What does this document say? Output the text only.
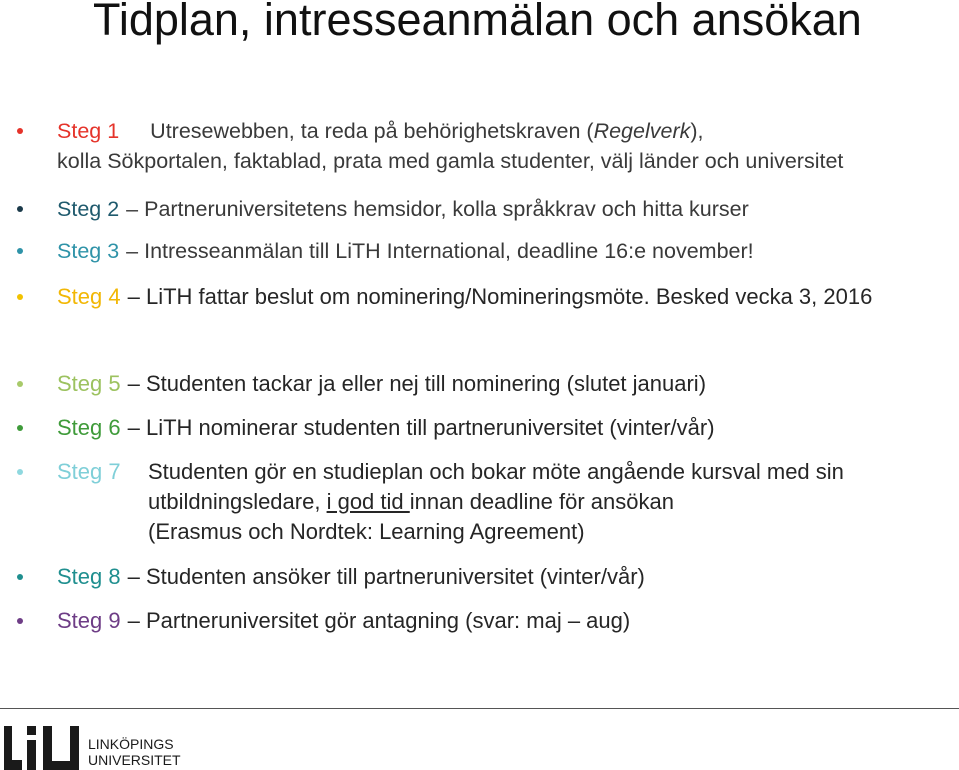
Tidplan, intresseanmälan och ansökan
Steg 1 Utresewebben, ta reda på behörighetskraven (Regelverk),
kolla Sökportalen, faktablad, prata med gamla studenter, välj länder och universitet
Steg 2 – Partneruniversitetens hemsidor, kolla språkkrav och hitta kurser
Steg 3 – Intresseanmälan till LiTH International, deadline 16:e november!
Steg 4 – LiTH fattar beslut om nominering/Nomineringsmöte. Besked vecka 3, 2016
Steg 5 – Studenten tackar ja eller nej till nominering (slutet januari)
Steg 6 – LiTH nominerar studenten till partneruniversitet (vinter/vår)
Steg 7 Studenten gör en studieplan och bokar möte angående kursval med sin
utbildningsledare, i god tid innan deadline för ansökan
(Erasmus och Nordtek: Learning Agreement)
Steg 8 – Studenten ansöker till partneruniversitet (vinter/vår)
Steg 9 – Partneruniversitet gör antagning (svar: maj – aug)
LINKÖPINGS
UNIVERSITET
